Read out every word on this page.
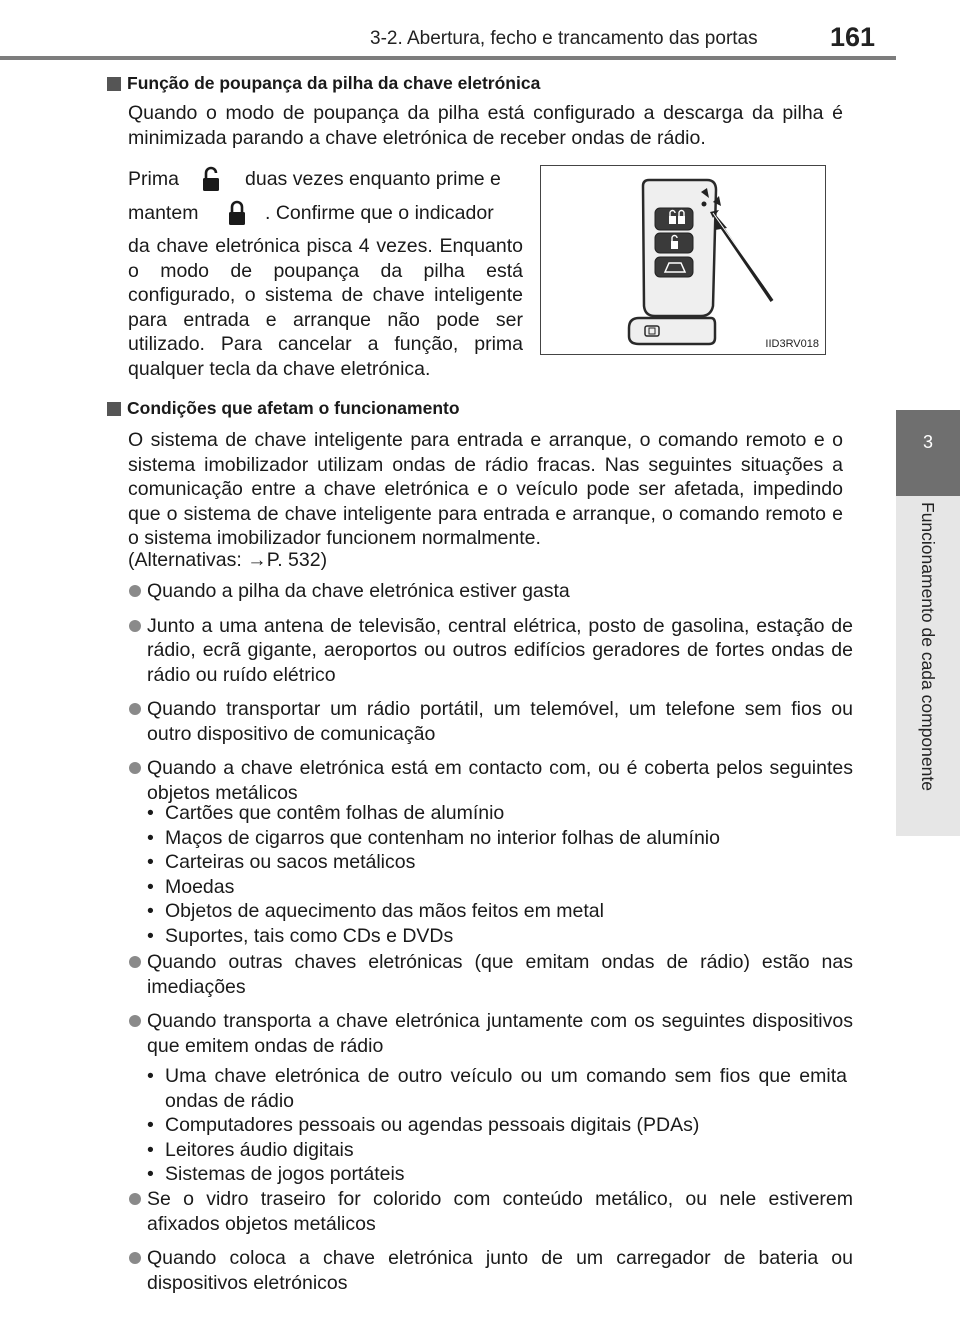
3-2. Abertura, fecho e trancamento das portas	161
3
Funcionamento de cada componente
Função de poupança da pilha da chave eletrónica
Quando o modo de poupança da pilha está configurado a descarga da pilha é minimizada parando a chave eletrónica de receber ondas de rádio.
Prima	duas vezes enquanto prime e
mantem	. Confirme que o indicador
da chave eletrónica pisca 4 vezes. Enquanto o modo de poupança da pilha está configurado, o sistema de chave inteligente para entrada e arranque não pode ser utilizado. Para cancelar a função, prima qualquer tecla da chave eletrónica.
IID3RV018
Condições que afetam o funcionamento
O sistema de chave inteligente para entrada e arranque, o comando remoto e o sistema imobilizador utilizam ondas de rádio fracas. Nas seguintes situações a comunicação entre a chave eletrónica e o veículo pode ser afetada, impedindo que o sistema de chave inteligente para entrada e arranque, o comando remoto e o sistema imobilizador funcionem normalmente.
(Alternativas: →P. 532)
Quando a pilha da chave eletrónica estiver gasta
Junto a uma antena de televisão, central elétrica, posto de gasolina, estação de rádio, ecrã gigante, aeroportos ou outros edifícios geradores de fortes ondas de rádio ou ruído elétrico
Quando transportar um rádio portátil, um telemóvel, um telefone sem fios ou outro dispositivo de comunicação
Quando a chave eletrónica está em contacto com, ou é coberta pelos seguintes objetos metálicos
• Cartões que contêm folhas de alumínio
• Maços de cigarros que contenham no interior folhas de alumínio
• Carteiras ou sacos metálicos
• Moedas
• Objetos de aquecimento das mãos feitos em metal
• Suportes, tais como CDs e DVDs
Quando outras chaves eletrónicas (que emitam ondas de rádio) estão nas imediações
Quando transporta a chave eletrónica juntamente com os seguintes dispositivos que emitem ondas de rádio
• Uma chave eletrónica de outro veículo ou um comando sem fios que emita ondas de rádio
• Computadores pessoais ou agendas pessoais digitais (PDAs)
• Leitores áudio digitais
• Sistemas de jogos portáteis
Se o vidro traseiro for colorido com conteúdo metálico, ou nele estiverem afixados objetos metálicos
Quando coloca a chave eletrónica junto de um carregador de bateria ou dispositivos eletrónicos
